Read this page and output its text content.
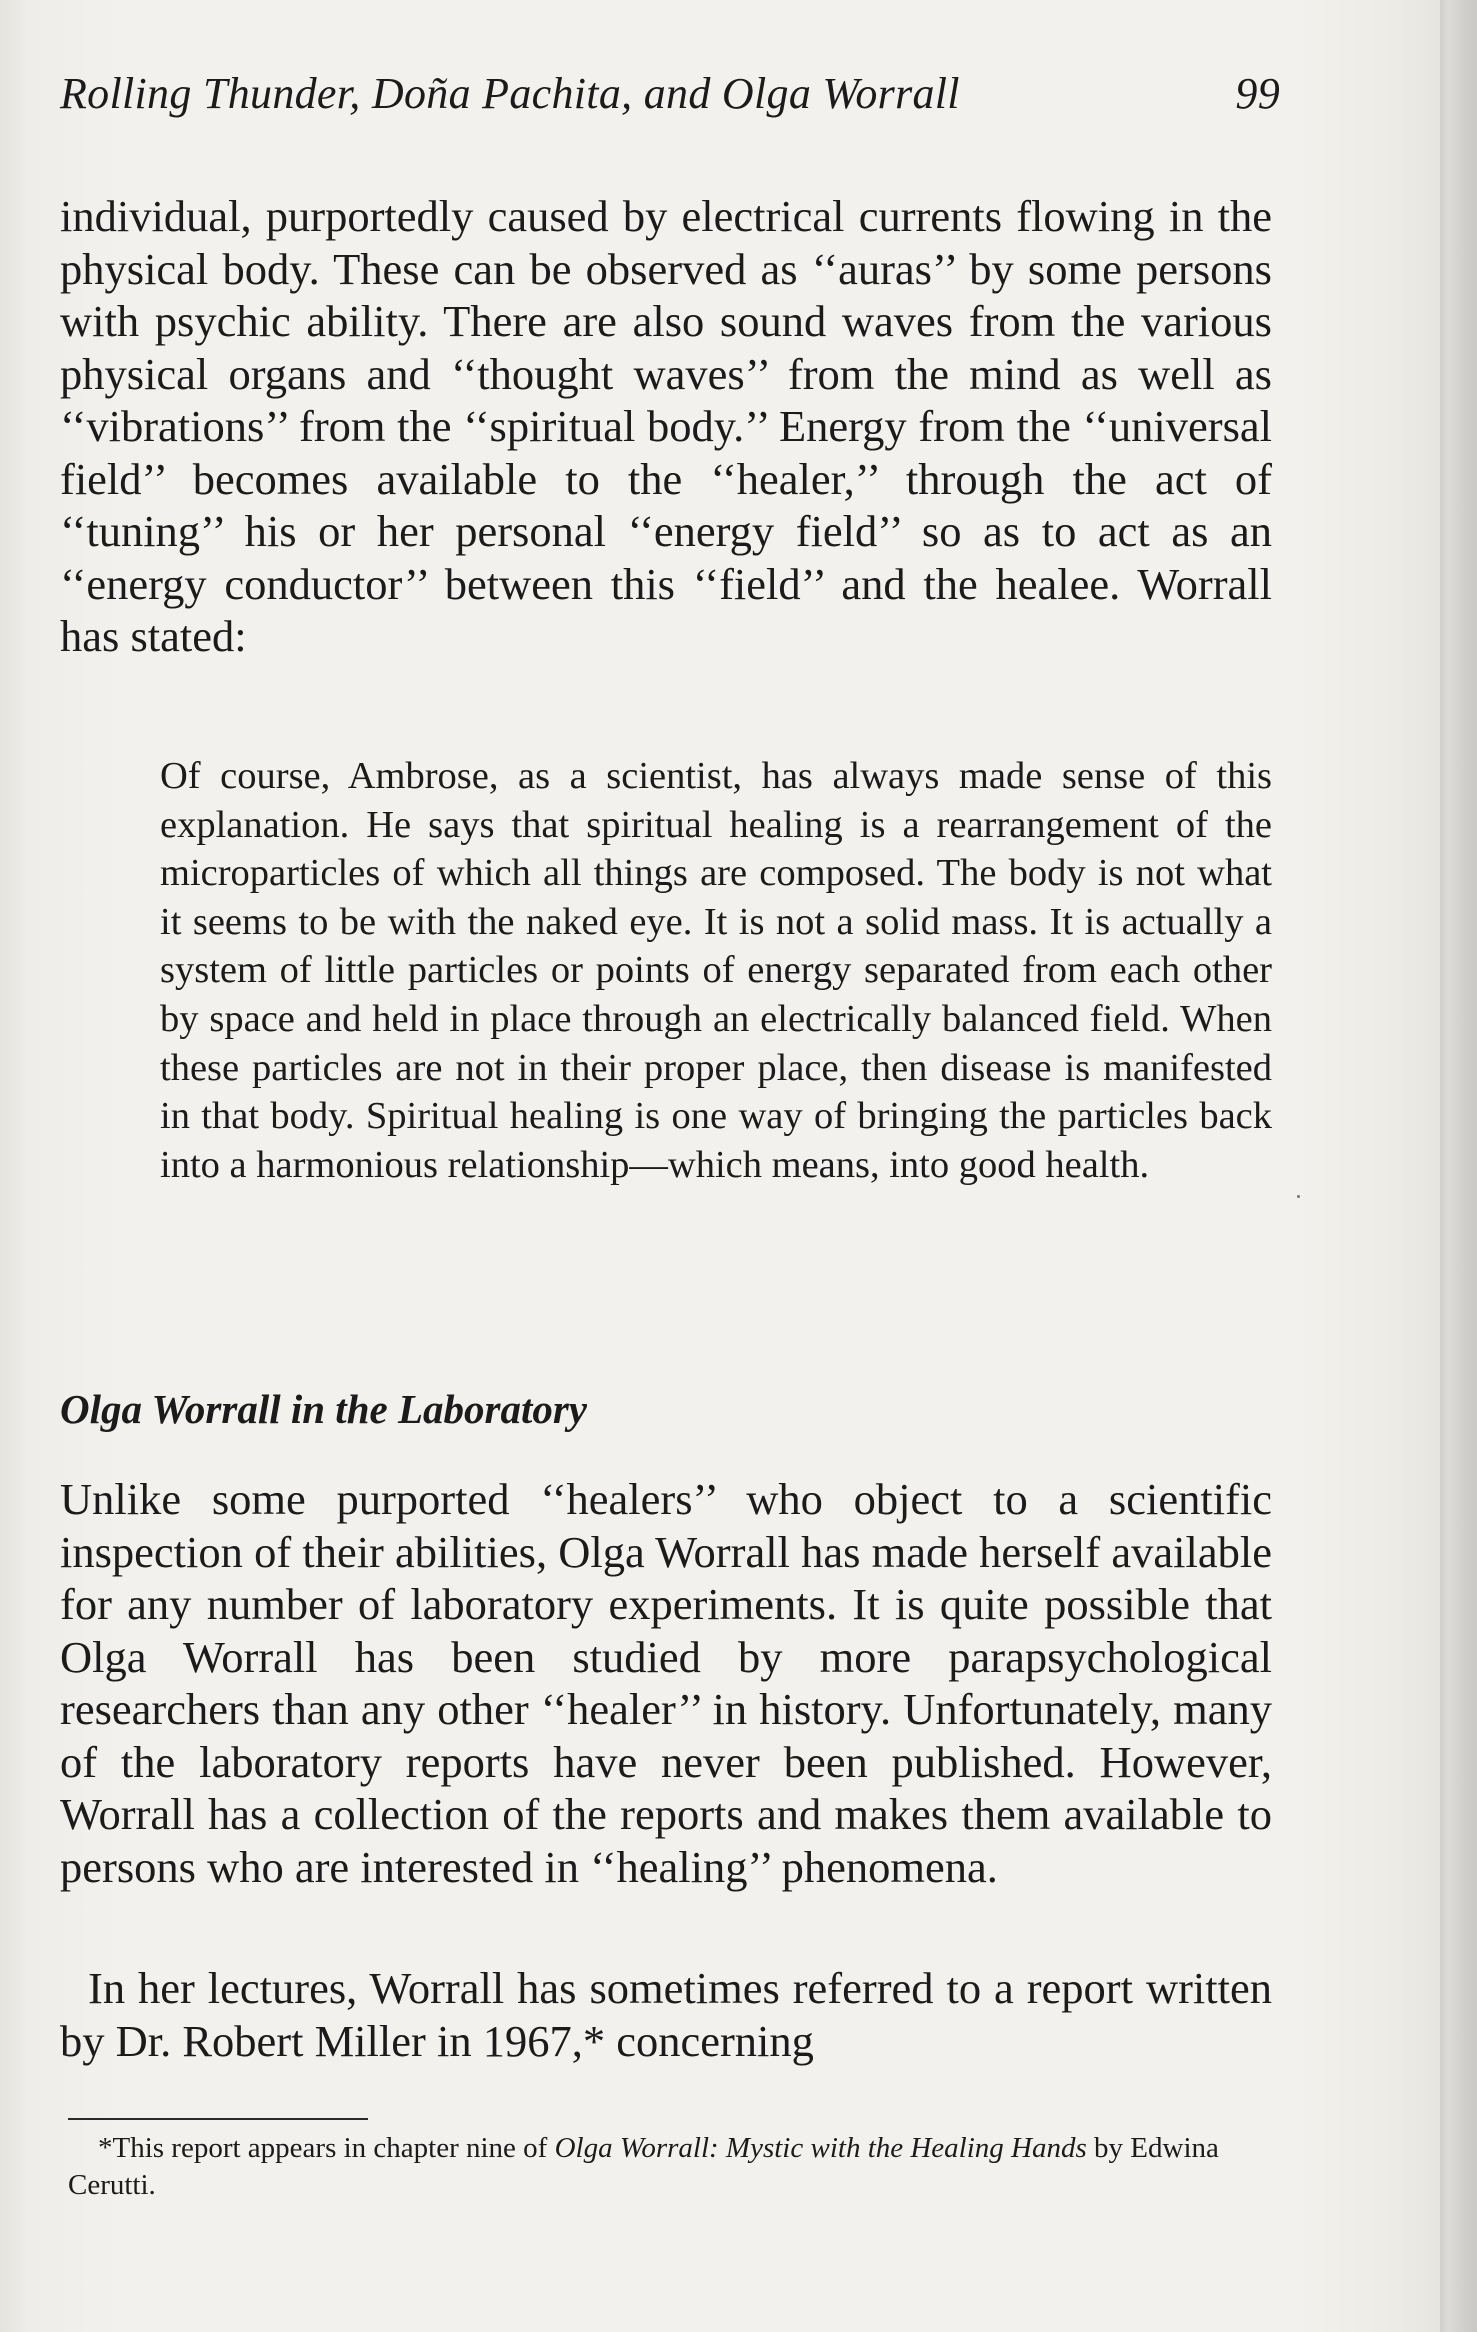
Rolling Thunder, Doña Pachita, and Olga Worrall	99

individual, purportedly caused by electrical currents flowing in the physical body. These can be observed as ‘‘auras’’ by some persons with psychic ability. There are also sound waves from the various physical organs and ‘‘thought waves’’ from the mind as well as ‘‘vibrations’’ from the ‘‘spiritual body.’’ Energy from the ‘‘universal field’’ becomes available to the ‘‘healer,’’ through the act of ‘‘tuning’’ his or her personal ‘‘energy field’’ so as to act as an ‘‘energy conductor’’ between this ‘‘field’’ and the healee. Worrall has stated:

Of course, Ambrose, as a scientist, has always made sense of this explanation. He says that spiritual healing is a rearrangement of the microparticles of which all things are composed. The body is not what it seems to be with the naked eye. It is not a solid mass. It is actually a system of little particles or points of energy separated from each other by space and held in place through an electrically balanced field. When these particles are not in their proper place, then disease is manifested in that body. Spiritual healing is one way of bringing the particles back into a harmonious relationship—which means, into good health.

Olga Worrall in the Laboratory

Unlike some purported ‘‘healers’’ who object to a scientific inspection of their abilities, Olga Worrall has made herself available for any number of laboratory experiments. It is quite possible that Olga Worrall has been studied by more parapsychological researchers than any other ‘‘healer’’ in history. Unfortunately, many of the laboratory reports have never been published. However, Worrall has a collection of the reports and makes them available to persons who are interested in ‘‘healing’’ phenomena.

In her lectures, Worrall has sometimes referred to a report written by Dr. Robert Miller in 1967,* concerning

*This report appears in chapter nine of Olga Worrall: Mystic with the Healing Hands by Edwina Cerutti.
